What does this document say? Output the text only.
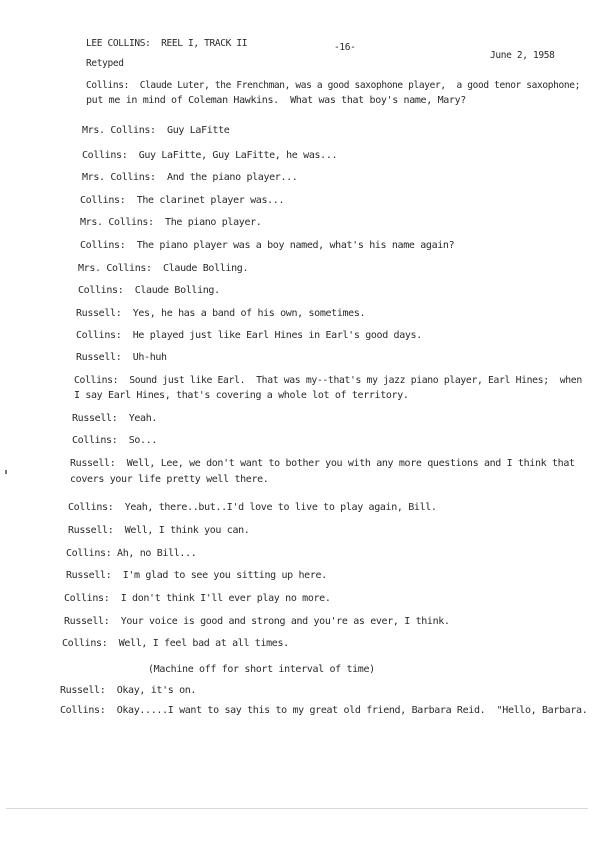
LEE COLLINS:  REEL I, TRACK II	-16-
June 2, 1958
Retyped
Collins:  Claude Luter, the Frenchman, was a good saxophone player,  a good tenor saxophone;
put me in mind of Coleman Hawkins.  What was that boy's name, Mary?
Mrs. Collins:  Guy LaFitte
Collins:  Guy LaFitte, Guy LaFitte, he was...
Mrs. Collins:  And the piano player...
Collins:  The clarinet player was...
Mrs. Collins:  The piano player.
Collins:  The piano player was a boy named, what's his name again?
Mrs. Collins:  Claude Bolling.
Collins:  Claude Bolling.
Russell:  Yes, he has a band of his own, sometimes.
Collins:  He played just like Earl Hines in Earl's good days.
Russell:  Uh-huh
Collins:  Sound just like Earl.  That was my--that's my jazz piano player, Earl Hines;  when
I say Earl Hines, that's covering a whole lot of territory.
Russell:  Yeah.
Collins:  So...
Russell:  Well, Lee, we don't want to bother you with any more questions and I think that
covers your life pretty well there.
Collins:  Yeah, there..but..I'd love to live to play again, Bill.
Russell:  Well, I think you can.
Collins: Ah, no Bill...
Russell:  I'm glad to see you sitting up here.
Collins:  I don't think I'll ever play no more.
Russell:  Your voice is good and strong and you're as ever, I think.
Collins:  Well, I feel bad at all times.
(Machine off for short interval of time)
Russell:  Okay, it's on.
Collins:  Okay.....I want to say this to my great old friend, Barbara Reid.  "Hello, Barbara.
